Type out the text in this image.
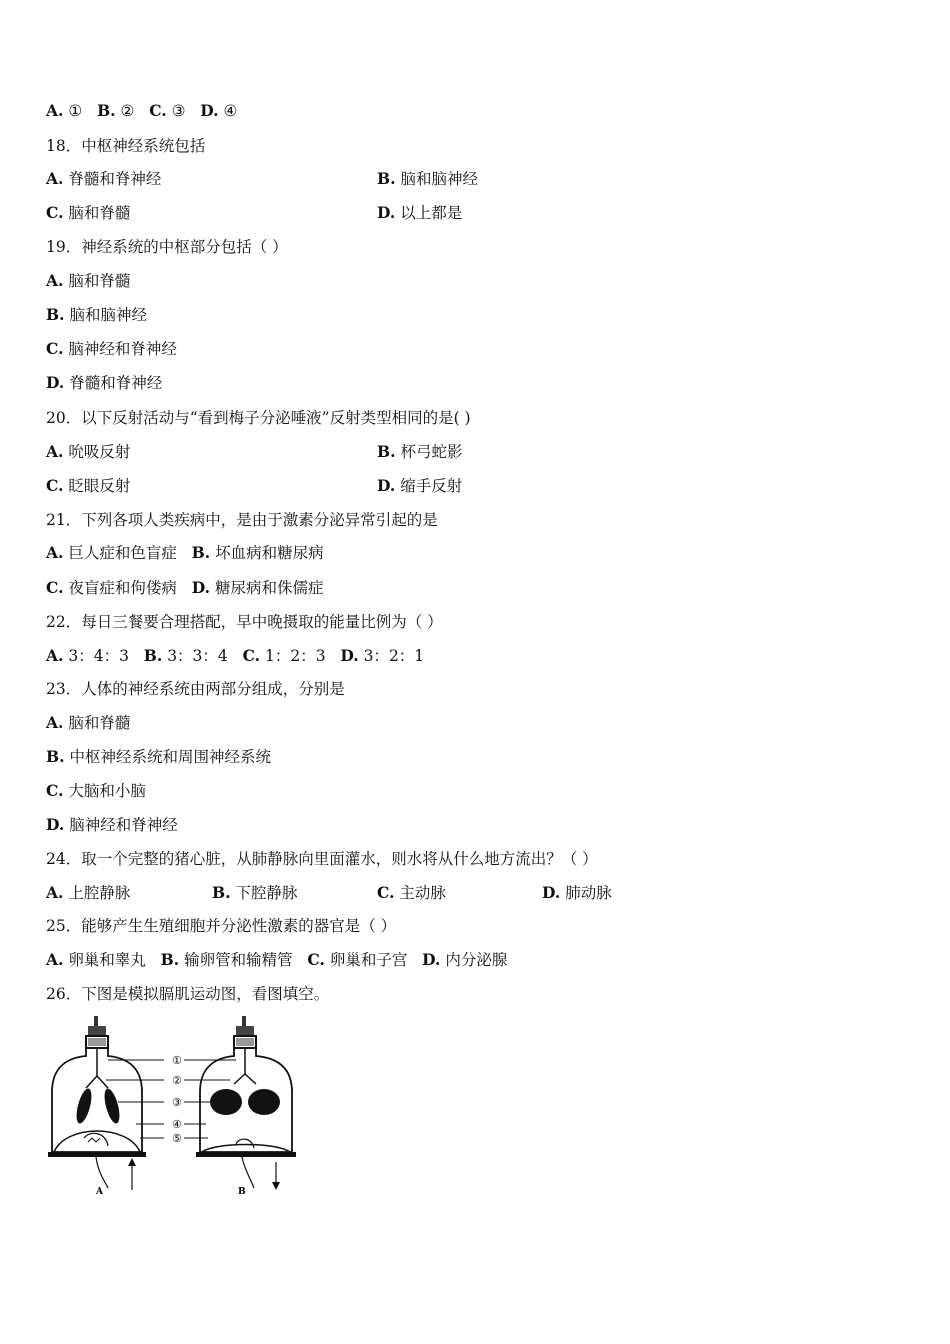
A. ① B. ② C. ③ D. ④
18．中枢神经系统包括
A. 脊髓和脊神经	B. 脑和脑神经
C. 脑和脊髓	D. 以上都是
19．神经系统的中枢部分包括（ ）
A. 脑和脊髓
B. 脑和脑神经
C. 脑神经和脊神经
D. 脊髓和脊神经
20．以下反射活动与“看到梅子分泌唾液”反射类型相同的是( )
A. 吮吸反射	B. 杯弓蛇影
C. 眨眼反射	D. 缩手反射
21．下列各项人类疾病中，是由于激素分泌异常引起的是
A. 巨人症和色盲症 B. 坏血病和糖尿病
C. 夜盲症和佝偻病 D. 糖尿病和侏儒症
22．每日三餐要合理搭配，早中晚摄取的能量比例为（ ）
A. 3：4：3 B. 3：3：4 C. 1：2：3 D. 3：2：1
23．人体的神经系统由两部分组成，分别是
A. 脑和脊髓
B. 中枢神经系统和周围神经系统
C. 大脑和小脑
D. 脑神经和脊神经
24．取一个完整的猪心脏，从肺静脉向里面灌水，则水将从什么地方流出？（ ）
A. 上腔静脉	B. 下腔静脉	C. 主动脉	D. 肺动脉
25．能够产生生殖细胞并分泌性激素的器官是（ ）
A. 卵巢和睾丸 B. 输卵管和输精管 C. 卵巢和子宫 D. 内分泌腺
26．下图是模拟膈肌运动图，看图填空。
①
②
③
④
⑤
A	B
